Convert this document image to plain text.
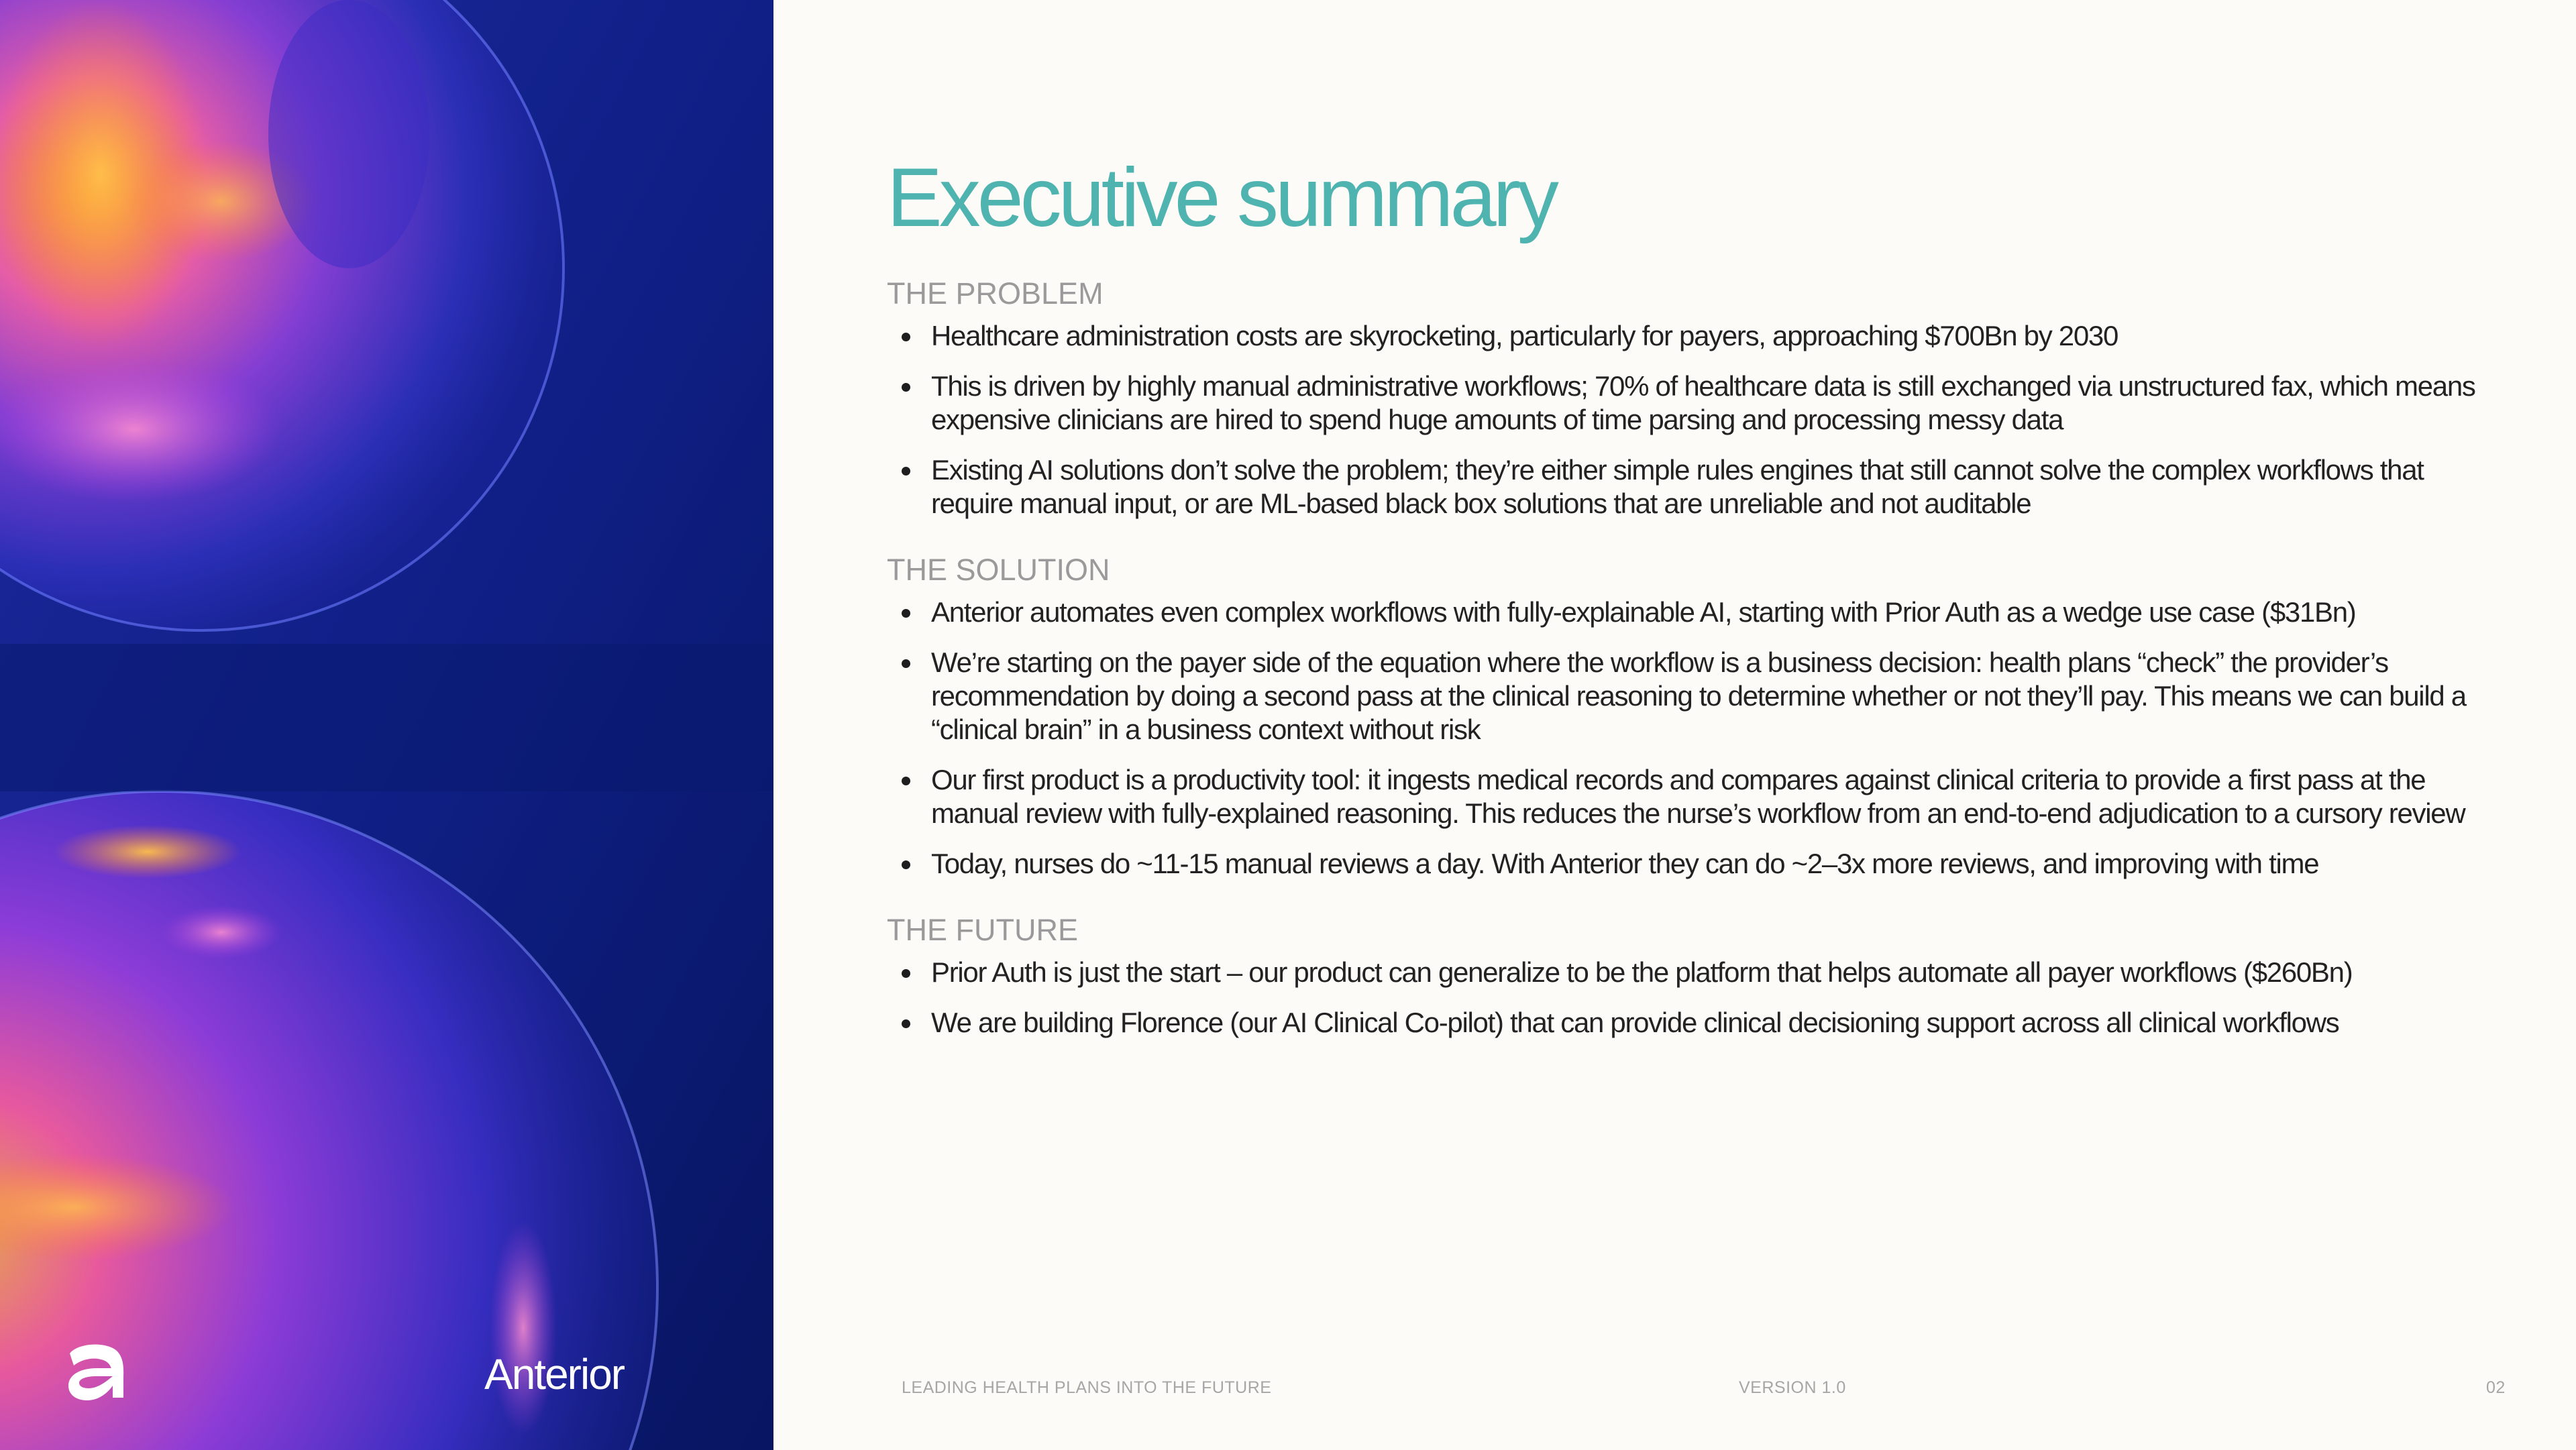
Anterior
Executive summary
THE PROBLEM
Healthcare administration costs are skyrocketing, particularly for payers, approaching $700Bn by 2030
This is driven by highly manual administrative workflows; 70% of healthcare data is still exchanged via unstructured fax, which means expensive clinicians are hired to spend huge amounts of time parsing and processing messy data
Existing AI solutions don’t solve the problem; they’re either simple rules engines that still cannot solve the complex workflows that require manual input, or are ML-based black box solutions that are unreliable and not auditable
THE SOLUTION
Anterior automates even complex workflows with fully-explainable AI, starting with Prior Auth as a wedge use case ($31Bn)
We’re starting on the payer side of the equation where the workflow is a business decision: health plans “check” the provider’s recommendation by doing a second pass at the clinical reasoning to determine whether or not they’ll pay. This means we can build a “clinical brain” in a business context without risk
Our first product is a productivity tool: it ingests medical records and compares against clinical criteria to provide a first pass at the manual review with fully-explained reasoning. This reduces the nurse’s workflow from an end-to-end adjudication to a cursory review
Today, nurses do ~11-15 manual reviews a day. With Anterior they can do ~2–3x more reviews, and improving with time
THE FUTURE
Prior Auth is just the start – our product can generalize to be the platform that helps automate all payer workflows ($260Bn)
We are building Florence (our AI Clinical Co-pilot) that can provide clinical decisioning support across all clinical workflows
LEADING HEALTH PLANS INTO THE FUTURE	VERSION 1.0	02
